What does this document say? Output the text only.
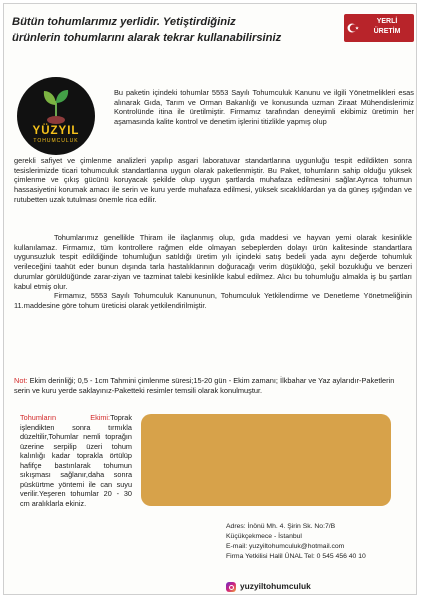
Bütün tohumlarımız yerlidir. Yetiştirdiğiniz
ürünlerin tohumlarını alarak tekrar kullanabilirsiniz
YERLİ
ÜRETİM
YÜZYIL
TOHUMCULUK
Bu paketin içindeki tohumlar 5553 Sayılı Tohumculuk Kanunu ve ilgili Yönetmelikleri esas alınarak Gıda, Tarım ve Orman Bakanlığı ve konusunda uzman Ziraat Mühendislerimiz Kontrolünde itina ile üretilmiştir. Firmamız tarafından deneyimli ekibimiz üretimin her aşamasında kalite kontrol ve denetim işlerini titizlikle yapmış olup
gerekli safiyet ve çimlenme analizleri yapılıp asgari laboratuvar standartlarına uygunluğu tespit edildikten sonra tesislerimizde ticari tohumculuk standartlarına uygun olarak paketlenmiştir. Bu Paket, tohumların sahip olduğu yüksek çimlenme ve çıkış gücünü koruyacak şekilde olup uygun şartlarda muhafaza edilmesini sağlar.Ayrıca tohumun hassasiyetini korumak amacı ile serin ve kuru yerde muhafaza edilmesi, yüksek sıcaklıklardan ya da güneş ışığından ve rutubetten uzak tutulması önemle rica edilir.
Tohumlarımız genellikle Thiram ile ilaçlanmış olup, gıda maddesi ve hayvan yemi olarak kesinlikle kullanılamaz. Firmamız, tüm kontrollere rağmen elde olmayan sebeplerden dolayı ürün kalitesinde standartlara uygunsuzluk tespit edildiğinde tohumluğun satıldığı üretim yılı içindeki satış bedeli yada aynı değerde tohumluk verileceğini taahüt eder bunun dışında tarla hastalıklarının doğuracağı verim düşüklüğü, şekil bozukluğu ve benzeri durumlar görüldüğünde zarar-ziyan ve tazminat talebi kesinlikle kabul edilmez. Alıcı bu tohumluğu almakla iş bu şartları kabul etmiş olur.
Firmamız, 5553 Sayılı Tohumculuk Kanununun, Tohumculuk Yetkilendirme ve Denetleme Yönetmeliğinin 11.maddesine göre tohum üreticisi olarak yetkilendirilmiştir.
Not: Ekim derinliği; 0,5 - 1cm Tahmini çimlenme süresi;15-20 gün - Ekim zamanı; İlkbahar ve Yaz aylarıdır-Paketlerin serin ve kuru yerde saklayınız-Paketteki resimler temsili olarak konulmuştur.
Tohumların Ekimi:Toprak işlendikten sonra tırmıkla düzeltilir,Tohumlar nemli toprağın üzerine serpilip üzeri tohum kalınlığı kadar toprakla örtülüp hafifçe bastırılarak tohumun sıkışması sağlanır,daha sonra püskürtme yöntemi ile can suyu verilir.Yeşeren tohumlar 20 - 30 cm aralıklarla ekiniz.
Adres: İnönü Mh. 4. Şirin Sk. No:7/B
Küçükçekmece - İstanbul
E-mail: yuzyiltohumculuk@hotmail.com
Firma Yetkilisi Halil ÜNAL Tel: 0 545 456 40 10
yuzyiltohumculuk
